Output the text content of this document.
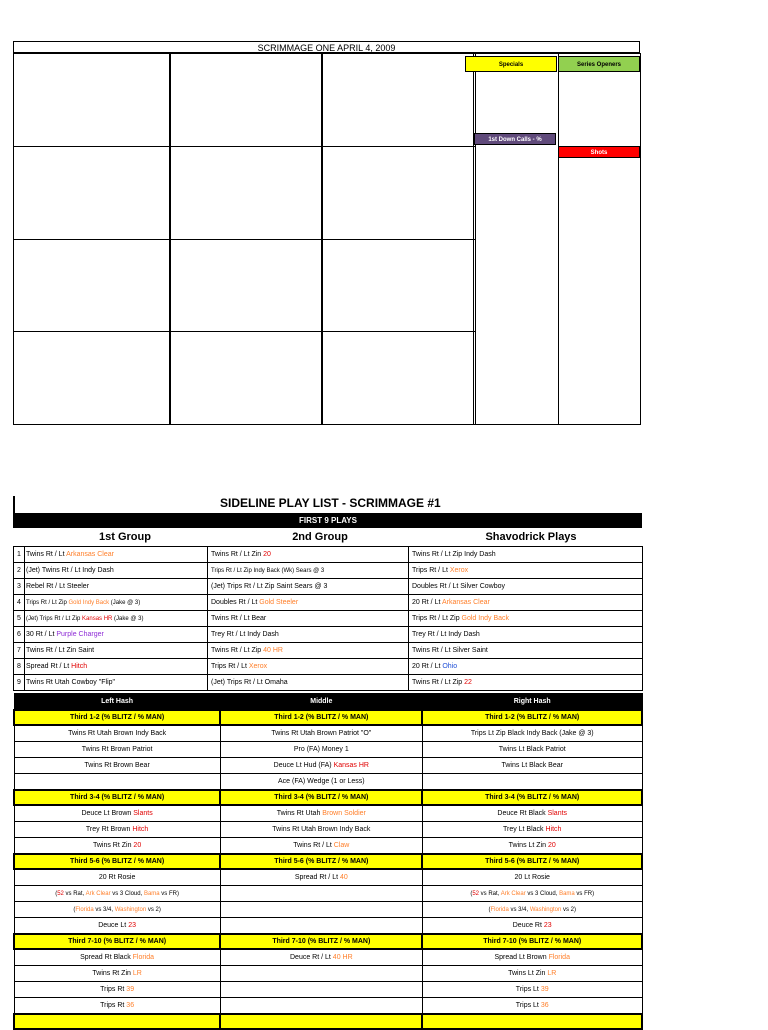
SCRIMMAGE ONE APRIL 4, 2009
Specials	Series Openers
1st Down Calls - %
Shots
SIDELINE PLAY LIST - SCRIMMAGE #1
FIRST 9 PLAYS
1st Group	2nd Group	Shavodrick Plays
1	Twins Rt / Lt Arkansas Clear	Twins Rt / Lt Zin 20	Twins Rt / Lt Zip Indy Dash
2	(Jet) Twins Rt / Lt Indy Dash	Trips Rt / Lt Zip Indy Back (Wk) Sears @ 3	Trips Rt / Lt Xerox
3	Rebel Rt / Lt Steeler	(Jet) Trips Rt / Lt Zip Saint Sears @ 3	Doubles Rt / Lt Silver Cowboy
4	Trips Rt / Lt Zip Gold Indy Back (Jake @ 3)	Doubles Rt / Lt Gold Steeler	20 Rt / Lt Arkansas Clear
5	(Jet) Trips Rt / Lt Zip Kansas HR (Jake @ 3)	Twins Rt / Lt Bear	Trips Rt / Lt Zip Gold Indy Back
6	30 Rt / Lt Purple Charger	Trey Rt / Lt Indy Dash	Trey Rt / Lt Indy Dash
7	Twins Rt / Lt Zin Saint	Twins Rt / Lt Zip 40 HR	Twins Rt / Lt Silver Saint
8	Spread Rt / Lt Hitch	Trips Rt / Lt Xerox	20 Rt / Lt Ohio
9	Twins Rt Utah Cowboy "Flip"	(Jet) Trips Rt / Lt Omaha	Twins Rt / Lt Zip 22
Left Hash	Middle	Right Hash
Third 1-2 (% BLITZ / % MAN)	Third 1-2 (% BLITZ / % MAN)	Third 1-2 (% BLITZ / % MAN)
Twins Rt Utah Brown Indy Back	Twins Rt Utah Brown Patriot "O"	Trips Lt Zip Black Indy Back (Jake @ 3)
Twins Rt Brown Patriot	Pro (FA) Money 1	Twins Lt Black Patriot
Twins Rt Brown Bear	Deuce Lt Hud (FA) Kansas HR	Twins Lt Black Bear
	Ace (FA) Wedge (1 or Less)	
Third 3-4 (% BLITZ / % MAN)	Third 3-4 (% BLITZ / % MAN)	Third 3-4 (% BLITZ / % MAN)
Deuce Lt Brown Slants	Twins Rt Utah Brown Soldier	Deuce Rt Black Slants
Trey Rt Brown Hitch	Twins Rt Utah Brown Indy Back	Trey Lt Black Hitch
Twins Rt Zin 20	Twins Rt / Lt Claw	Twins Lt Zin 20
Third 5-6 (% BLITZ / % MAN)	Third 5-6 (% BLITZ / % MAN)	Third 5-6 (% BLITZ / % MAN)
20 Rt Rosie	Spread Rt / Lt 40	20 Lt Rosie
(52 vs Rat, Ark Clear vs 3 Cloud, Bama vs FR)		(52 vs Rat, Ark Clear vs 3 Cloud, Bama vs FR)
(Florida vs 3/4, Washington vs 2)		(Florida vs 3/4, Washington vs 2)
Deuce Lt 23		Deuce Rt 23
Third 7-10 (% BLITZ / % MAN)	Third 7-10 (% BLITZ / % MAN)	Third 7-10 (% BLITZ / % MAN)
Spread Rt Black Florida	Deuce Rt / Lt 40 HR	Spread Lt Brown Florida
Twins Rt Zin LR		Twins Lt Zin LR
Trips Rt 39		Trips Lt 39
Trips Rt 36		Trips Lt 36
